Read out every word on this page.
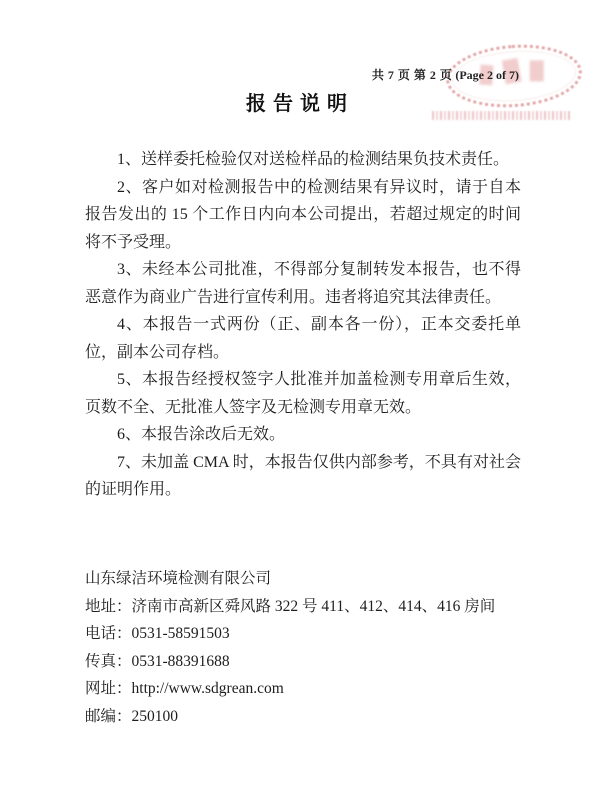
共 7 页 第 2 页 (Page 2 of 7)
报告说明

1、送样委托检验仅对送检样品的检测结果负技术责任。

2、客户如对检测报告中的检测结果有异议时，请于自本报告发出的 15 个工作日内向本公司提出，若超过规定的时间将不予受理。

3、未经本公司批准，不得部分复制转发本报告，也不得恶意作为商业广告进行宣传利用。违者将追究其法律责任。

4、本报告一式两份（正、副本各一份），正本交委托单位，副本公司存档。

5、本报告经授权签字人批准并加盖检测专用章后生效，页数不全、无批准人签字及无检测专用章无效。

6、本报告涂改后无效。

7、未加盖 CMA 时，本报告仅供内部参考，不具有对社会的证明作用。

山东绿洁环境检测有限公司
地址：济南市高新区舜风路 322 号 411、412、414、416 房间
电话：0531-58591503
传真：0531-88391688
网址：http://www.sdgrean.com
邮编：250100
